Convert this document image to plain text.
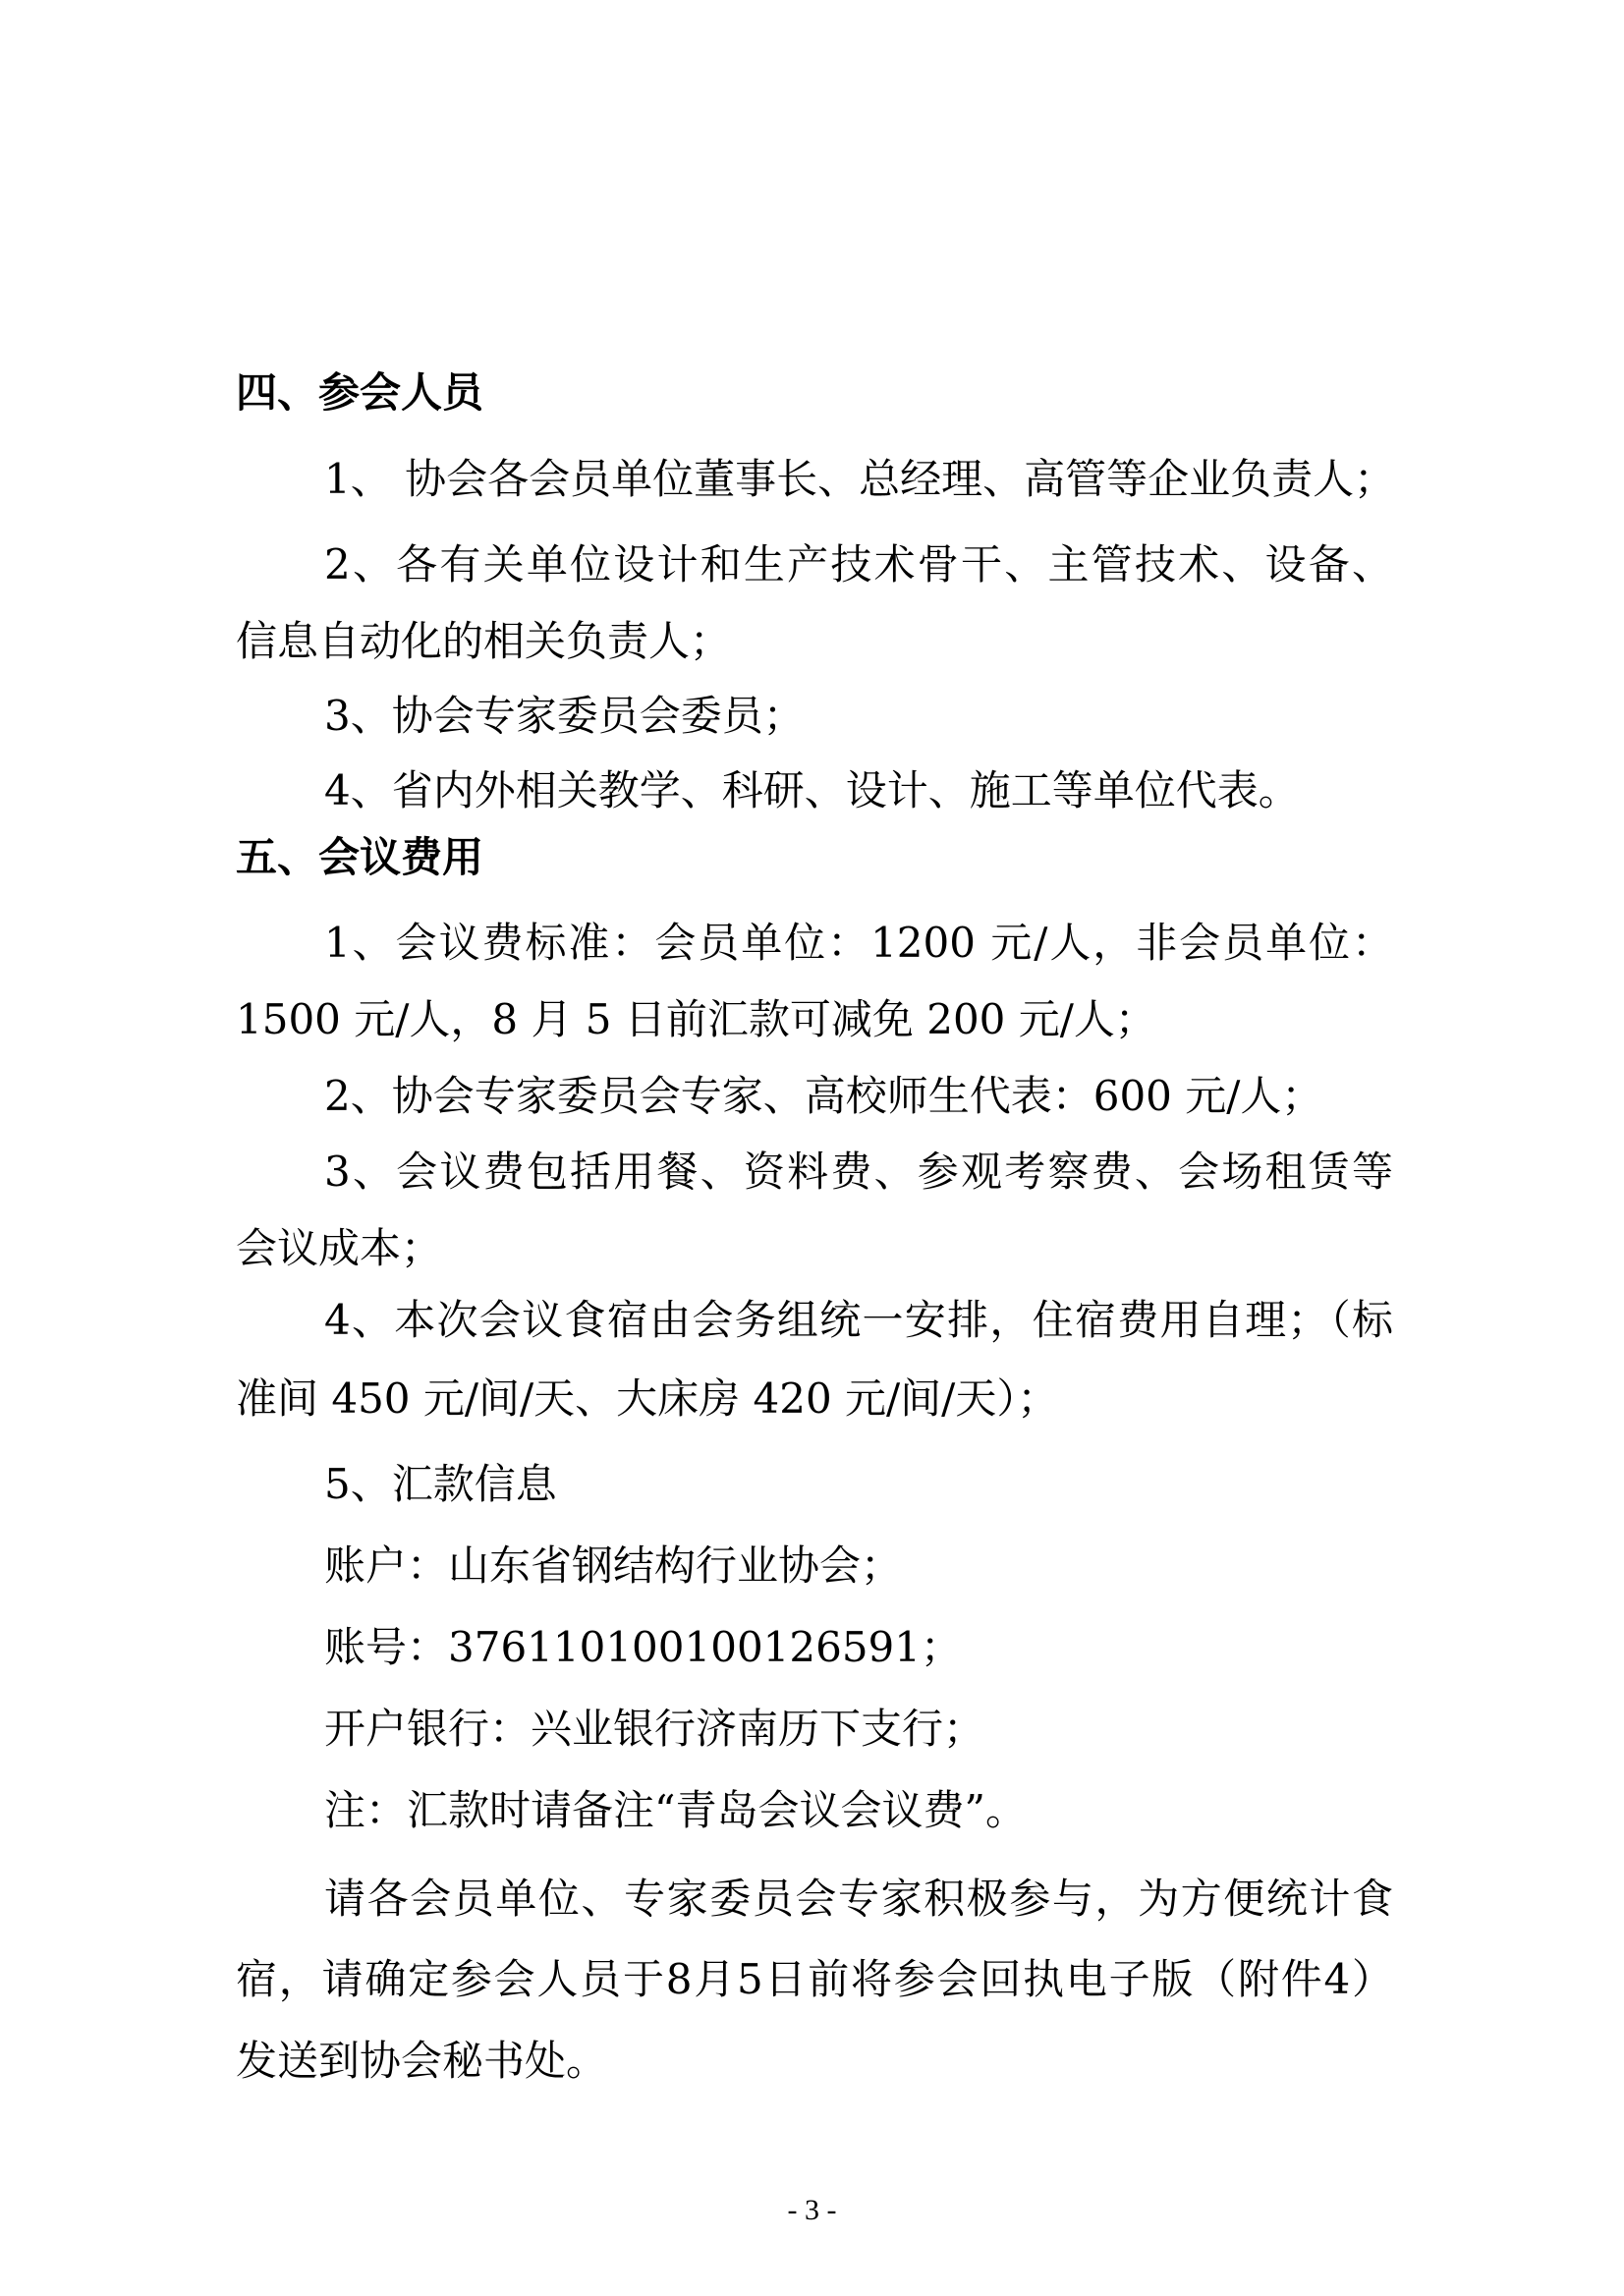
四、参会人员
1、 协会各会员单位董事长、总经理、高管等企业负责人；
2、各有关单位设计和生产技术骨干、主管技术、设备、
信息自动化的相关负责人；
3、协会专家委员会委员；
4、省内外相关教学、科研、设计、施工等单位代表。
五、会议费用
1、会议费标准：会员单位：1200 元/人，非会员单位：
1500 元/人，8 月 5 日前汇款可减免 200 元/人；
2、协会专家委员会专家、高校师生代表：600 元/人；
3、会议费包括用餐、资料费、参观考察费、会场租赁等
会议成本；
4、本次会议食宿由会务组统一安排，住宿费用自理；（标
准间 450 元/间/天、大床房 420 元/间/天）；
5、汇款信息
账户：山东省钢结构行业协会；
账号：376110100100126591；
开户银行：兴业银行济南历下支行；
注：汇款时请备注“青岛会议会议费”。
请各会员单位、专家委员会专家积极参与，为方便统计食
宿，请确定参会人员于8月5日前将参会回执电子版（附件4）
发送到协会秘书处。
- 3 -
